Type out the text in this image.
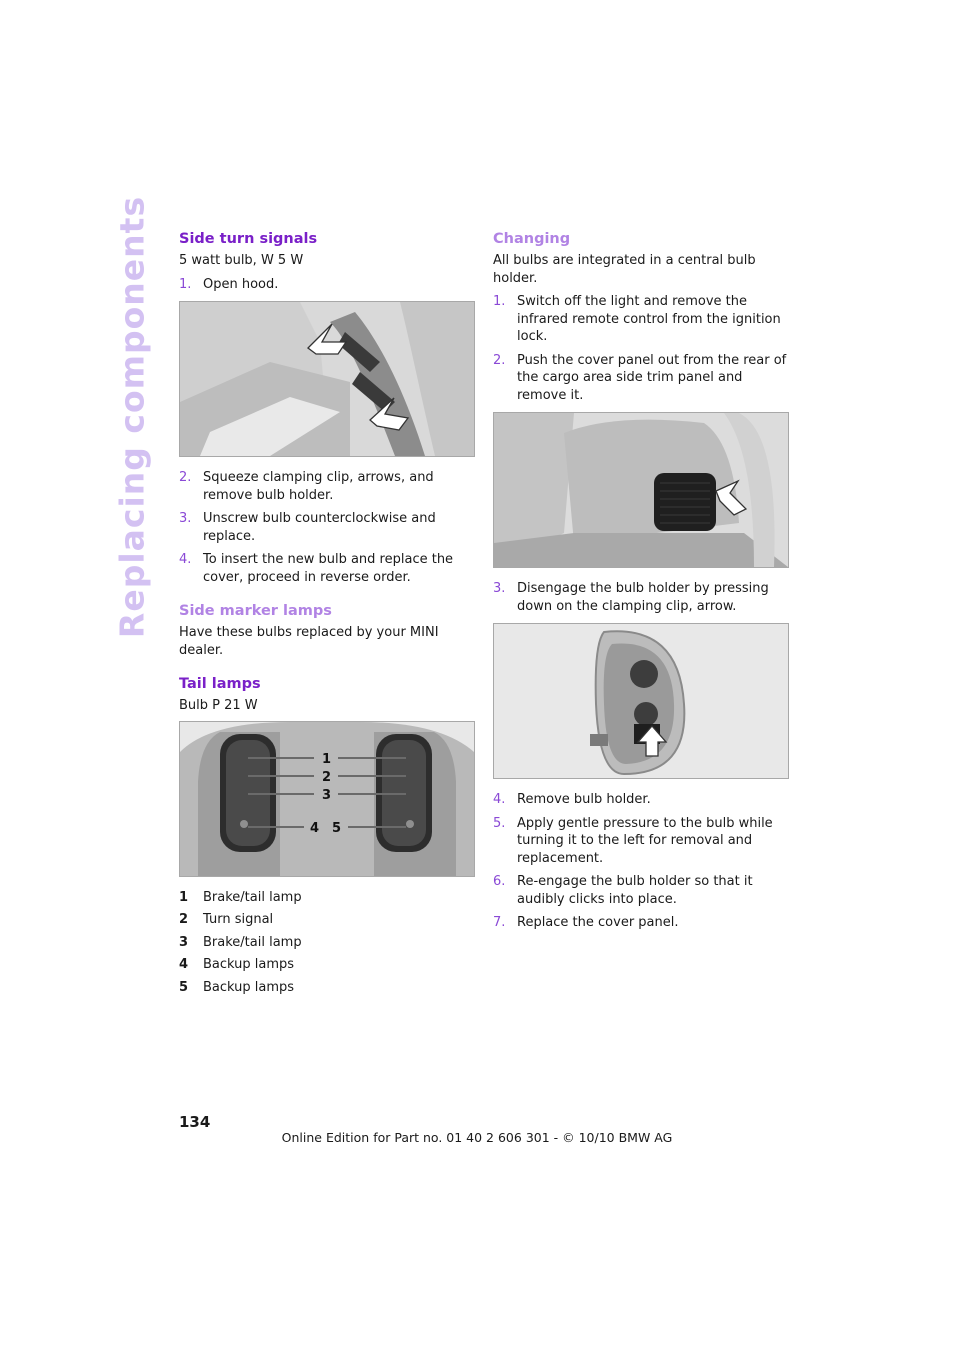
Replacing components Side turn signals

5 watt bulb, W 5 W

1. Open hood.
2. Squeeze clamping clip, arrows, and remove bulb holder.
3. Unscrew bulb counterclockwise and replace.
4. To insert the new bulb and replace the cover, proceed in reverse order.
Side marker lamps

Have these bulbs replaced by your MINI dealer.

Tail lamps

Bulb P 21 W

1
2
3
4 5
1 Brake/tail lamp
2 Turn signal
3 Brake/tail lamp
4 Backup lamps
5 Backup lamps
Changing

All bulbs are integrated in a central bulb holder.

1. Switch off the light and remove the infrared remote control from the ignition lock.
2. Push the cover panel out from the rear of the cargo area side trim panel and remove it.
3. Disengage the bulb holder by pressing down on the clamping clip, arrow.
4. Remove bulb holder.
5. Apply gentle pressure to the bulb while turning it to the left for removal and replacement.
6. Re-engage the bulb holder so that it audibly clicks into place.
7. Replace the cover panel.
134
Online Edition for Part no. 01 40 2 606 301 - © 10/10 BMW AG
